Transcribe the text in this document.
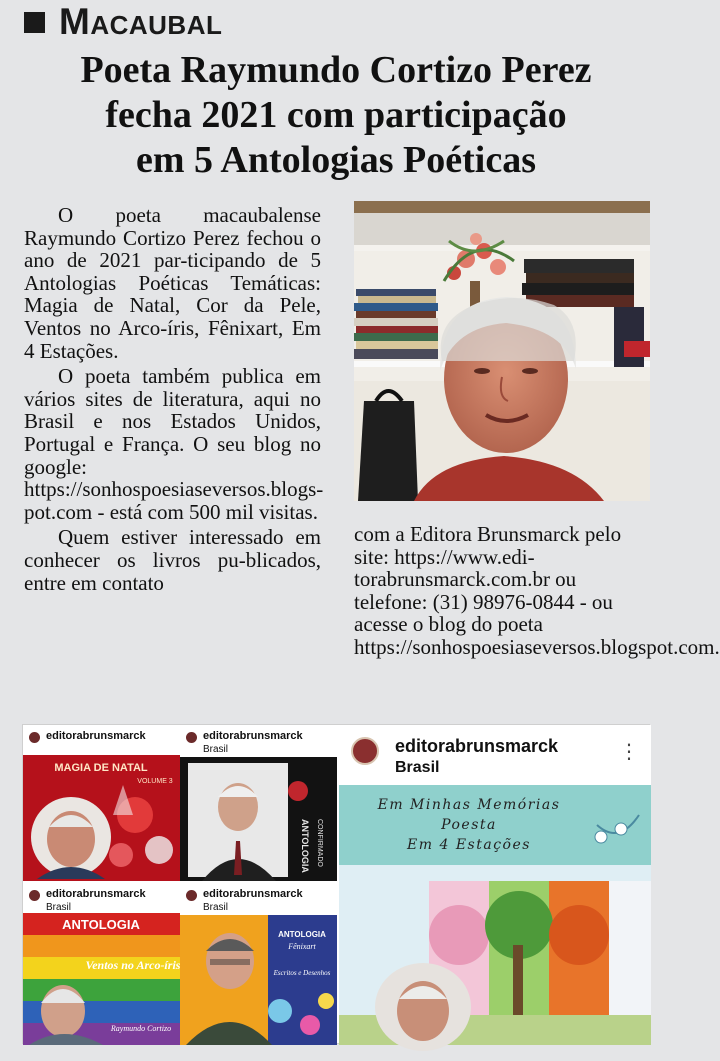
Macaubal
Poeta Raymundo Cortizo Perez
fecha 2021 com participação
em 5 Antologias Poéticas

O poeta macaubalense Raymundo Cortizo Perez fechou o ano de 2021 par-ticipando de 5 Antologias Poéticas Temáticas: Magia de Natal, Cor da Pele, Ventos no Arco-íris, Fênixart, Em 4 Estações.

O poeta também publica em vários sites de literatura, aqui no Brasil e nos Estados Unidos, Portugal e França. O seu blog no google: https://sonhospoesiaseversos.blogs-pot.com - está com 500 mil visitas.

Quem estiver interessado em conhecer os livros pu-blicados, entre em contato

com a Editora Brunsmarck pelo site: https://www.edi-torabrunsmarck.com.br ou telefone: (31) 98976-0844 - ou acesse o blog do poeta https://sonhospoesiaseversos.blogspot.com.
editorabrunsmarck
MAGIA DE NATAL
VOLUME 3
editorabrunsmarck
Brasil
ANTOLOGIA CONFIRMADO
editorabrunsmarck
Brasil
ANTOLOGIA
Ventos no Arco-íris
Raymundo Cortizo
editorabrunsmarck
Brasil
ANTOLOGIA
Fênixart
Escritos e Desenhos
editorabrunsmarck
Brasil
⋮
Em Minhas Memórias
Poesta
Em 4 Estações
